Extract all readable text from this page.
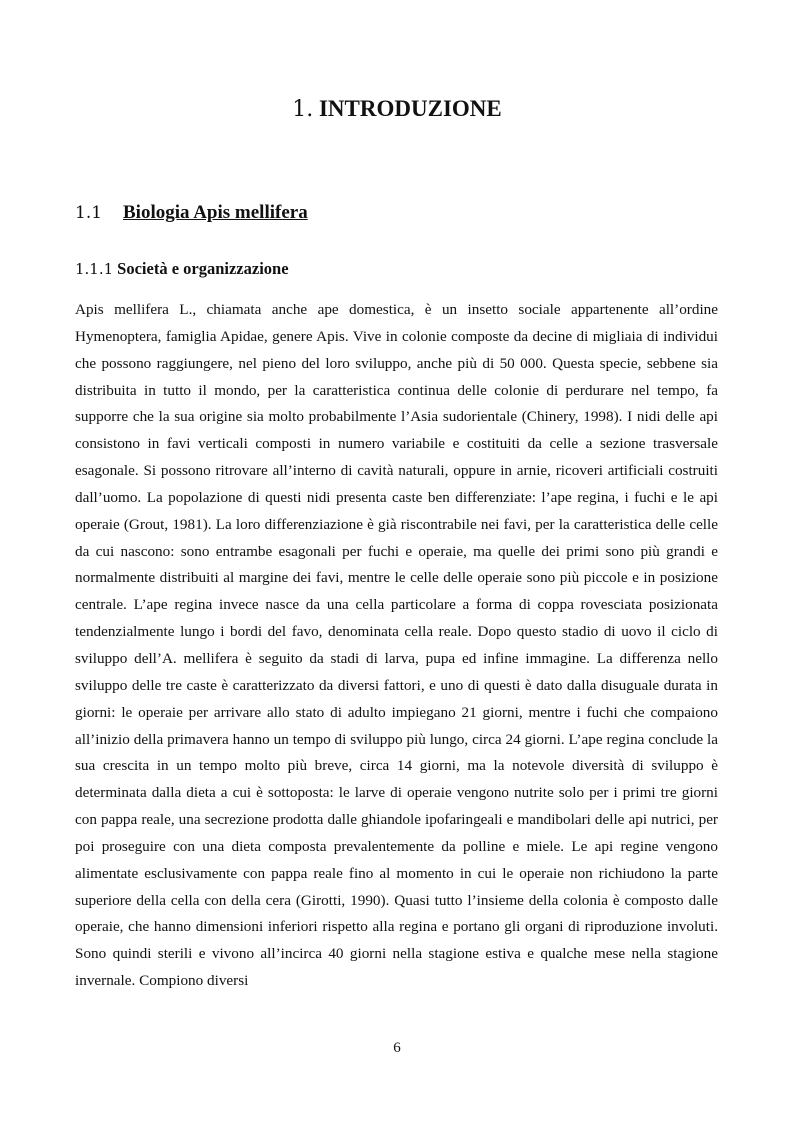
1. INTRODUZIONE
1.1 Biologia Apis mellifera
1.1.1 Società e organizzazione

Apis mellifera L., chiamata anche ape domestica, è un insetto sociale appartenente all’ordine Hymenoptera, famiglia Apidae, genere Apis. Vive in colonie composte da decine di migliaia di individui che possono raggiungere, nel pieno del loro sviluppo, anche più di 50 000. Questa specie, sebbene sia distribuita in tutto il mondo, per la caratteristica continua delle colonie di perdurare nel tempo, fa supporre che la sua origine sia molto probabilmente l’Asia sudorientale (Chinery, 1998). I nidi delle api consistono in favi verticali composti in numero variabile e costituiti da celle a sezione trasversale esagonale. Si possono ritrovare all’interno di cavità naturali, oppure in arnie, ricoveri artificiali costruiti dall’uomo. La popolazione di questi nidi presenta caste ben differenziate: l’ape regina, i fuchi e le api operaie (Grout, 1981). La loro differenziazione è già riscontrabile nei favi, per la caratteristica delle celle da cui nascono: sono entrambe esagonali per fuchi e operaie, ma quelle dei primi sono più grandi e normalmente distribuiti al margine dei favi, mentre le celle delle operaie sono più piccole e in posizione centrale. L’ape regina invece nasce da una cella particolare a forma di coppa rovesciata posizionata tendenzialmente lungo i bordi del favo, denominata cella reale. Dopo questo stadio di uovo il ciclo di sviluppo dell’A. mellifera è seguito da stadi di larva, pupa ed infine immagine. La differenza nello sviluppo delle tre caste è caratterizzato da diversi fattori, e uno di questi è dato dalla disuguale durata in giorni: le operaie per arrivare allo stato di adulto impiegano 21 giorni, mentre i fuchi che compaiono all’inizio della primavera hanno un tempo di sviluppo più lungo, circa 24 giorni. L’ape regina conclude la sua crescita in un tempo molto più breve, circa 14 giorni, ma la notevole diversità di sviluppo è determinata dalla dieta a cui è sottoposta: le larve di operaie vengono nutrite solo per i primi tre giorni con pappa reale, una secrezione prodotta dalle ghiandole ipofaringeali e mandibolari delle api nutrici, per poi proseguire con una dieta composta prevalentemente da polline e miele. Le api regine vengono alimentate esclusivamente con pappa reale fino al momento in cui le operaie non richiudono la parte superiore della cella con della cera (Girotti, 1990). Quasi tutto l’insieme della colonia è composto dalle operaie, che hanno dimensioni inferiori rispetto alla regina e portano gli organi di riproduzione involuti. Sono quindi sterili e vivono all’incirca 40 giorni nella stagione estiva e qualche mese nella stagione invernale. Compiono diversi

6
